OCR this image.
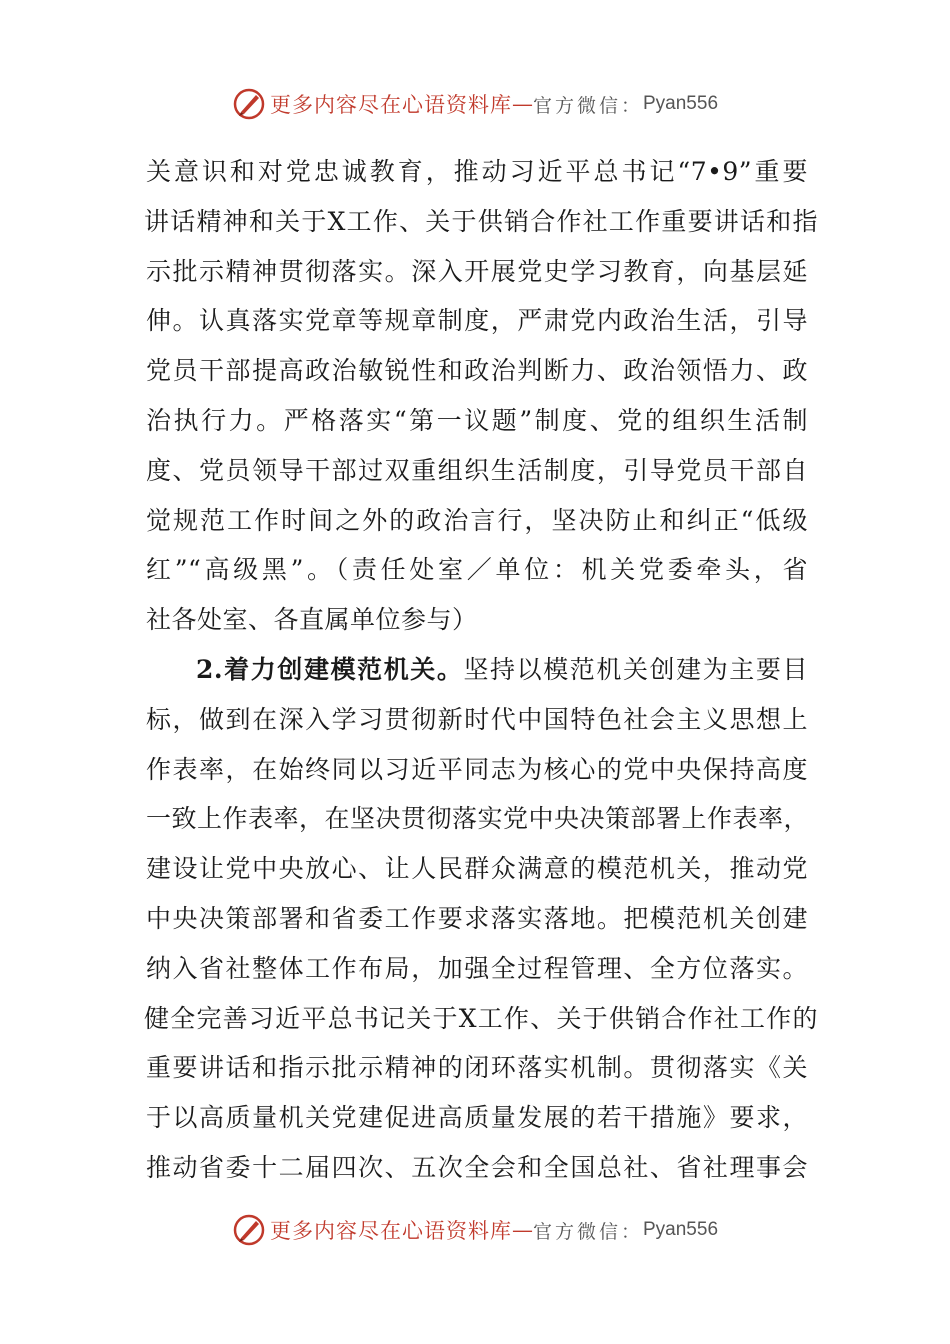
更多内容尽在心语资料库 — 官方微信： Pyan556
关意识和对党忠诚教育，推动习近平总书记“7•9”重要
讲话精神和关于X工作、关于供销合作社工作重要讲话和指
示批示精神贯彻落实。深入开展党史学习教育，向基层延
伸。认真落实党章等规章制度，严肃党内政治生活，引导
党员干部提高政治敏锐性和政治判断力、政治领悟力、政
治执行力。严格落实“第一议题”制度、党的组织生活制
度、党员领导干部过双重组织生活制度，引导党员干部自
觉规范工作时间之外的政治言行，坚决防止和纠正“低级
红”“高级黑”。（责任处室／单位：机关党委牵头，省
社各处室、各直属单位参与）
2.着力创建模范机关。坚持以模范机关创建为主要目
标，做到在深入学习贯彻新时代中国特色社会主义思想上
作表率，在始终同以习近平同志为核心的党中央保持高度
一致上作表率，在坚决贯彻落实党中央决策部署上作表率，
建设让党中央放心、让人民群众满意的模范机关，推动党
中央决策部署和省委工作要求落实落地。把模范机关创建
纳入省社整体工作布局，加强全过程管理、全方位落实。
健全完善习近平总书记关于X工作、关于供销合作社工作的
重要讲话和指示批示精神的闭环落实机制。贯彻落实《关
于以高质量机关党建促进高质量发展的若干措施》要求，
推动省委十二届四次、五次全会和全国总社、省社理事会
更多内容尽在心语资料库 — 官方微信： Pyan556
